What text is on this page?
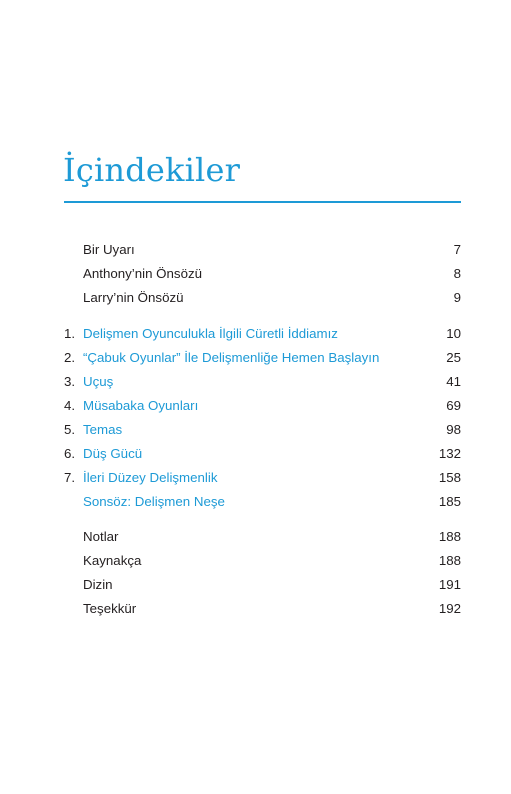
İçindekiler
Bir Uyarı	7
Anthony’nin Önsözü	8
Larry’nin Önsözü	9
1. Delişmen Oyunculukla İlgili Cüretli İddiamız	10
2. “Çabuk Oyunlar” İle Delişmenliğe Hemen Başlayın	25
3. Uçuş	41
4. Müsabaka Oyunları	69
5. Temas	98
6. Düş Gücü	132
7. İleri Düzey Delişmenlik	158
Sonsöz: Delişmen Neşe	185
Notlar	188
Kaynakça	188
Dizin	191
Teşekkür	192
